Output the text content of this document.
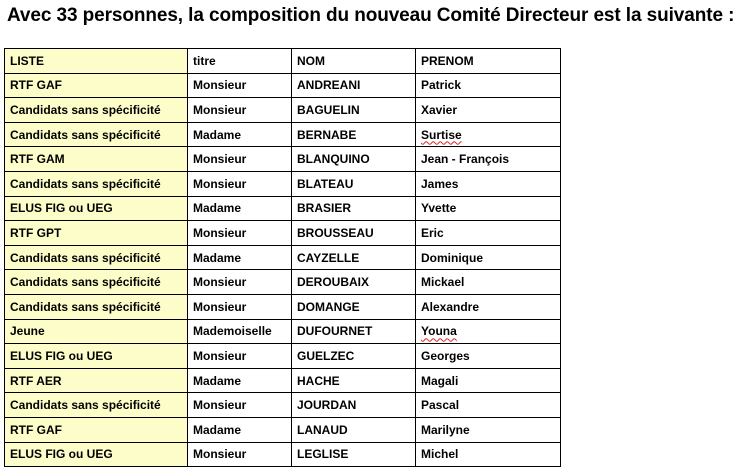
Avec 33 personnes, la composition du nouveau Comité Directeur est la suivante :
LISTE	titre	NOM	PRENOM
RTF GAF	Monsieur	ANDREANI	Patrick
Candidats sans spécificité	Monsieur	BAGUELIN	Xavier
Candidats sans spécificité	Madame	BERNABE	Surtise
RTF GAM	Monsieur	BLANQUINO	Jean - François
Candidats sans spécificité	Monsieur	BLATEAU	James
ELUS FIG ou UEG	Madame	BRASIER	Yvette
RTF GPT	Monsieur	BROUSSEAU	Eric
Candidats sans spécificité	Madame	CAYZELLE	Dominique
Candidats sans spécificité	Monsieur	DEROUBAIX	Mickael
Candidats sans spécificité	Monsieur	DOMANGE	Alexandre
Jeune	Mademoiselle	DUFOURNET	Youna
ELUS FIG ou UEG	Monsieur	GUELZEC	Georges
RTF AER	Madame	HACHE	Magali
Candidats sans spécificité	Monsieur	JOURDAN	Pascal
RTF GAF	Madame	LANAUD	Marilyne
ELUS FIG ou UEG	Monsieur	LEGLISE	Michel
